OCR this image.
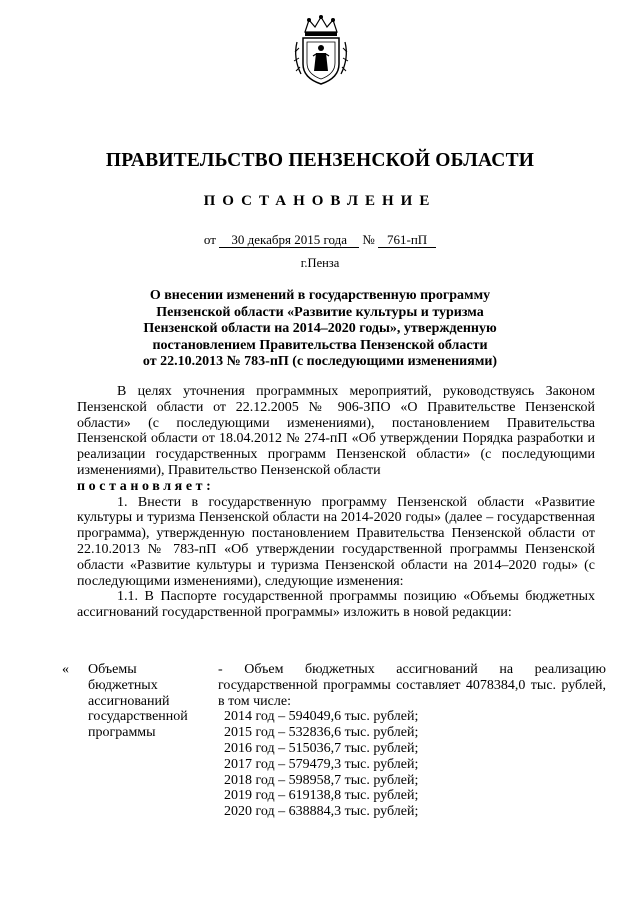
ПРАВИТЕЛЬСТВО ПЕНЗЕНСКОЙ ОБЛАСТИ
ПОСТАНОВЛЕНИЕ
от 30 декабря 2015 года № 761-пП
г.Пенза
О внесении изменений в государственную программу
Пензенской области «Развитие культуры и туризма
Пензенской области на 2014–2020 годы», утвержденную
постановлением Правительства Пензенской области
от 22.10.2013 № 783-пП (с последующими изменениями)

В целях уточнения программных мероприятий, руководствуясь Законом Пензенской области от 22.12.2005 № 906-ЗПО «О Правительстве Пензенской области» (с последующими изменениями), постановлением Правительства Пензенской области от 18.04.2012 № 274-пП «Об утверждении Порядка разработки и реализации государственных программ Пензенской области» (с последующими изменениями), Правительство Пензенской области

постановляет:

1. Внести в государственную программу Пензенской области «Развитие культуры и туризма Пензенской области на 2014-2020 годы» (далее – государственная программа), утвержденную постановлением Правительства Пензенской области от 22.10.2013 № 783-пП «Об утверждении государственной программы Пензенской области «Развитие культуры и туризма Пензенской области на 2014–2020 годы» (с последующими изменениями), следующие изменения:

1.1. В Паспорте государственной программы позицию «Объемы бюджетных ассигнований государственной программы» изложить в новой редакции:

« Объемы
бюджетных
ассигнований
государственной
программы
- Объем бюджетных ассигнований на реализацию государственной программы составляет 4078384,0 тыс. рублей, в том числе:
2014 год – 594049,6 тыс. рублей;
2015 год – 532836,6 тыс. рублей;
2016 год – 515036,7 тыс. рублей;
2017 год – 579479,3 тыс. рублей;
2018 год – 598958,7 тыс. рублей;
2019 год – 619138,8 тыс. рублей;
2020 год – 638884,3 тыс. рублей;
